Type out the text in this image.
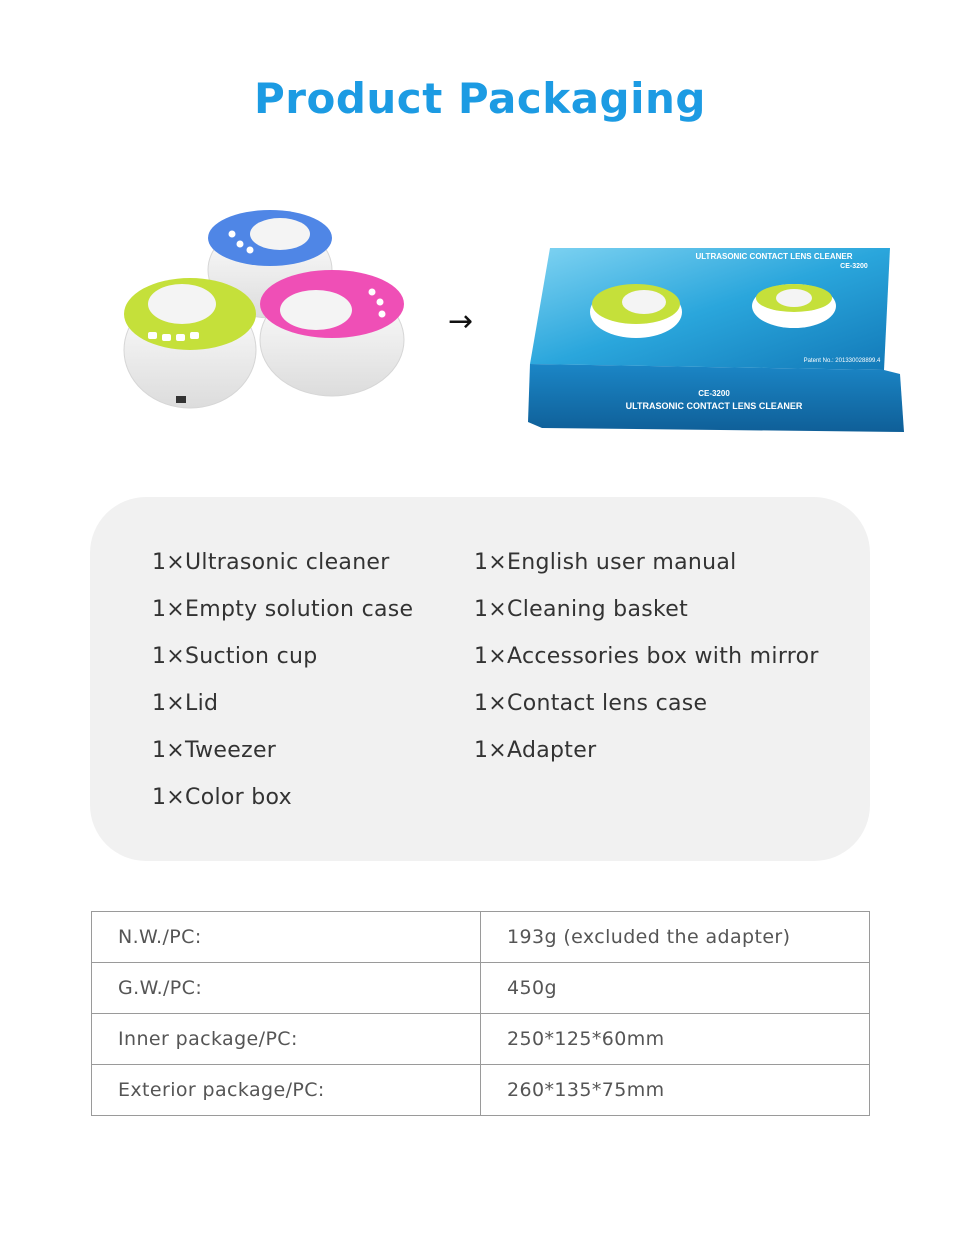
Product Packaging
→
ULTRASONIC CONTACT LENS CLEANER
CE-3200
Patent No.: 201330028899.4
CE-3200
ULTRASONIC CONTACT LENS CLEANER
1×Ultrasonic cleaner
1×Empty solution case
1×Suction cup
1×Lid
1×Tweezer
1×Color box
1×English user manual
1×Cleaning basket
1×Accessories box with mirror
1×Contact lens case
1×Adapter
N.W./PC:	193g (excluded the adapter)
G.W./PC:	450g
Inner package/PC:	250*125*60mm
Exterior package/PC:	260*135*75mm
